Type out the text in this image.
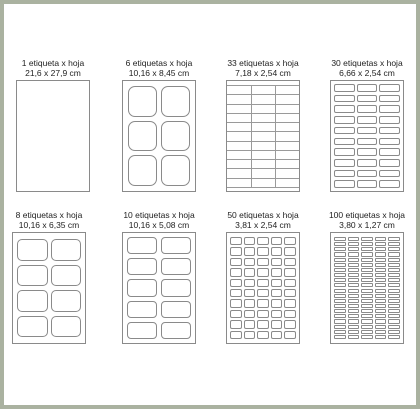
1 etiqueta x hoja
21,6 x 27,9 cm
6 etiquetas x hoja
10,16 x 8,45 cm
33 etiquetas x hoja
7,18 x 2,54 cm
30 etiquetas x hoja
6,66 x 2,54 cm
8 etiquetas x hoja
10,16 x 6,35 cm
10 etiquetas x hoja
10,16 x 5,08 cm
50 etiquetas x hoja
3,81 x 2,54 cm
100 etiquetas x hoja
3,80 x 1,27 cm
